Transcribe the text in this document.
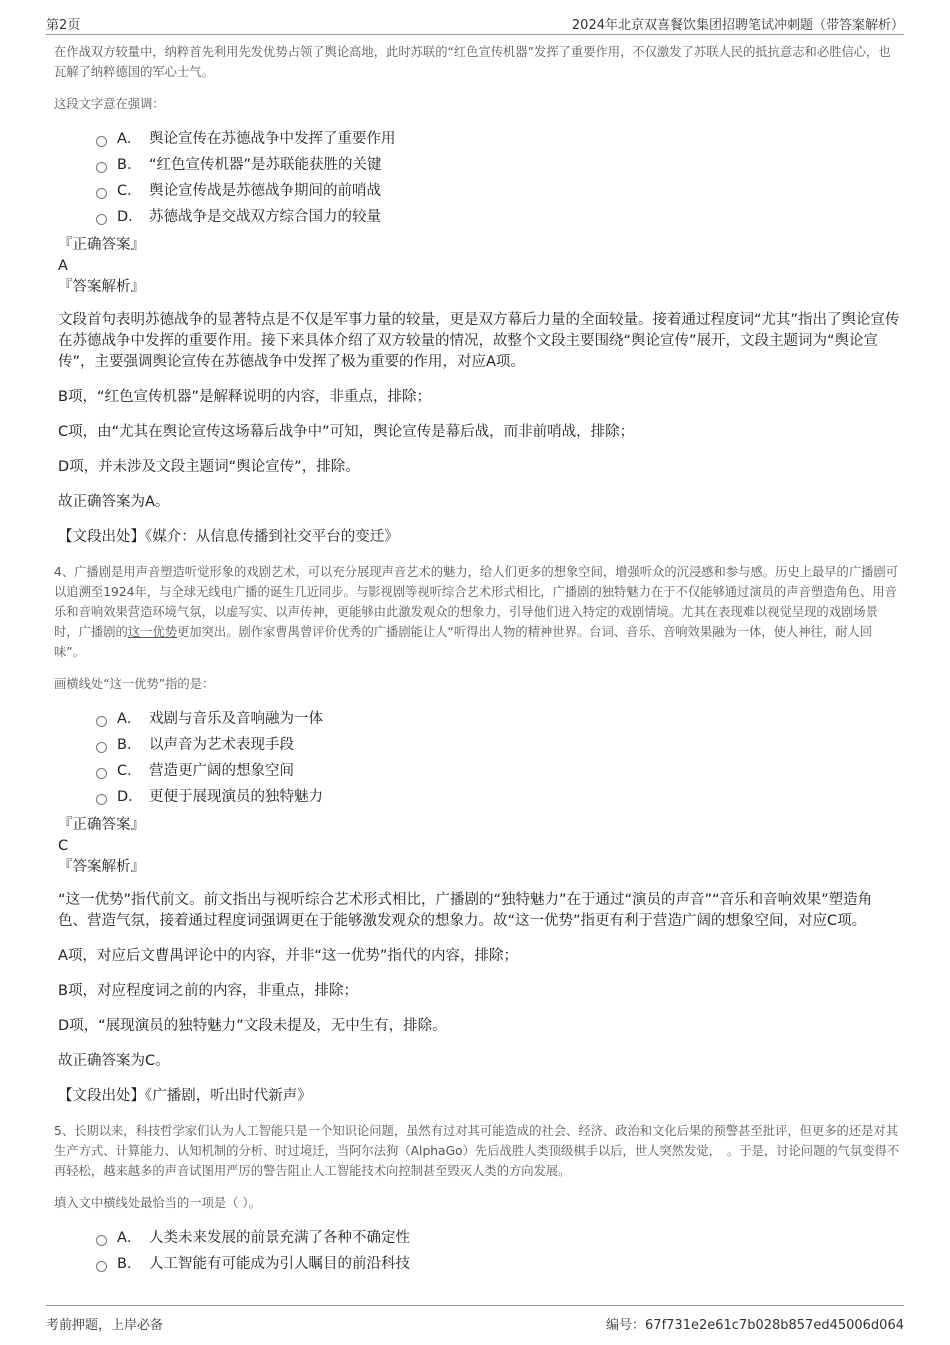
第2页	2024年北京双喜餐饮集团招聘笔试冲刺题（带答案解析）
在作战双方较量中，纳粹首先利用先发优势占领了舆论高地，此时苏联的“红色宣传机器”发挥了重要作用，不仅激发了苏联人民的抵抗意志和必胜信心，也瓦解了纳粹德国的军心士气。
这段文字意在强调：
A． 舆论宣传在苏德战争中发挥了重要作用
B． “红色宣传机器”是苏联能获胜的关键
C． 舆论宣传战是苏德战争期间的前哨战
D． 苏德战争是交战双方综合国力的较量
『正确答案』
A
『答案解析』
文段首句表明苏德战争的显著特点是不仅是军事力量的较量，更是双方幕后力量的全面较量。接着通过程度词“尤其”指出了舆论宣传在苏德战争中发挥的重要作用。接下来具体介绍了双方较量的情况，故整个文段主要围绕“舆论宣传”展开，文段主题词为“舆论宣传”，主要强调舆论宣传在苏德战争中发挥了极为重要的作用，对应A项。
B项，“红色宣传机器”是解释说明的内容，非重点，排除；
C项，由“尤其在舆论宣传这场幕后战争中”可知，舆论宣传是幕后战，而非前哨战，排除；
D项，并未涉及文段主题词“舆论宣传”，排除。
故正确答案为A。
【文段出处】《媒介：从信息传播到社交平台的变迁》
4、广播剧是用声音塑造听觉形象的戏剧艺术，可以充分展现声音艺术的魅力，给人们更多的想象空间，增强听众的沉浸感和参与感。历史上最早的广播剧可以追溯至1924年，与全球无线电广播的诞生几近同步。与影视剧等视听综合艺术形式相比，广播剧的独特魅力在于不仅能够通过演员的声音塑造角色、用音乐和音响效果营造环境气氛，以虚写实、以声传神，更能够由此激发观众的想象力，引导他们进入特定的戏剧情境。尤其在表现难以视觉呈现的戏剧场景时，广播剧的这一优势更加突出。剧作家曹禺曾评价优秀的广播剧能让人“听得出人物的精神世界。台词、音乐、音响效果融为一体，使人神往，耐人回味”。
画横线处“这一优势”指的是：
A． 戏剧与音乐及音响融为一体
B． 以声音为艺术表现手段
C． 营造更广阔的想象空间
D． 更便于展现演员的独特魅力
『正确答案』
C
『答案解析』
“这一优势”指代前文。前文指出与视听综合艺术形式相比，广播剧的“独特魅力”在于通过“演员的声音”“音乐和音响效果”塑造角色、营造气氛，接着通过程度词强调更在于能够激发观众的想象力。故“这一优势”指更有利于营造广阔的想象空间，对应C项。
A项，对应后文曹禺评论中的内容，并非“这一优势”指代的内容，排除；
B项，对应程度词之前的内容，非重点，排除；
D项，“展现演员的独特魅力”文段未提及，无中生有，排除。
故正确答案为C。
【文段出处】《广播剧，听出时代新声》
5、长期以来，科技哲学家们认为人工智能只是一个知识论问题，虽然有过对其可能造成的社会、经济、政治和文化后果的预警甚至批评，但更多的还是对其生产方式、计算能力、认知机制的分析、时过境迁，当阿尔法狗（AlphaGo）先后战胜人类顶级棋手以后，世人突然发觉，　。于是，讨论问题的气氛变得不再轻松，越来越多的声音试图用严厉的警告阻止人工智能技术向控制甚至毁灭人类的方向发展。
填入文中横线处最恰当的一项是（ ）。
A． 人类未来发展的前景充满了各种不确定性
B． 人工智能有可能成为引人瞩目的前沿科技
考前押题，上岸必备	编号：67f731e2e61c7b028b857ed45006d064
